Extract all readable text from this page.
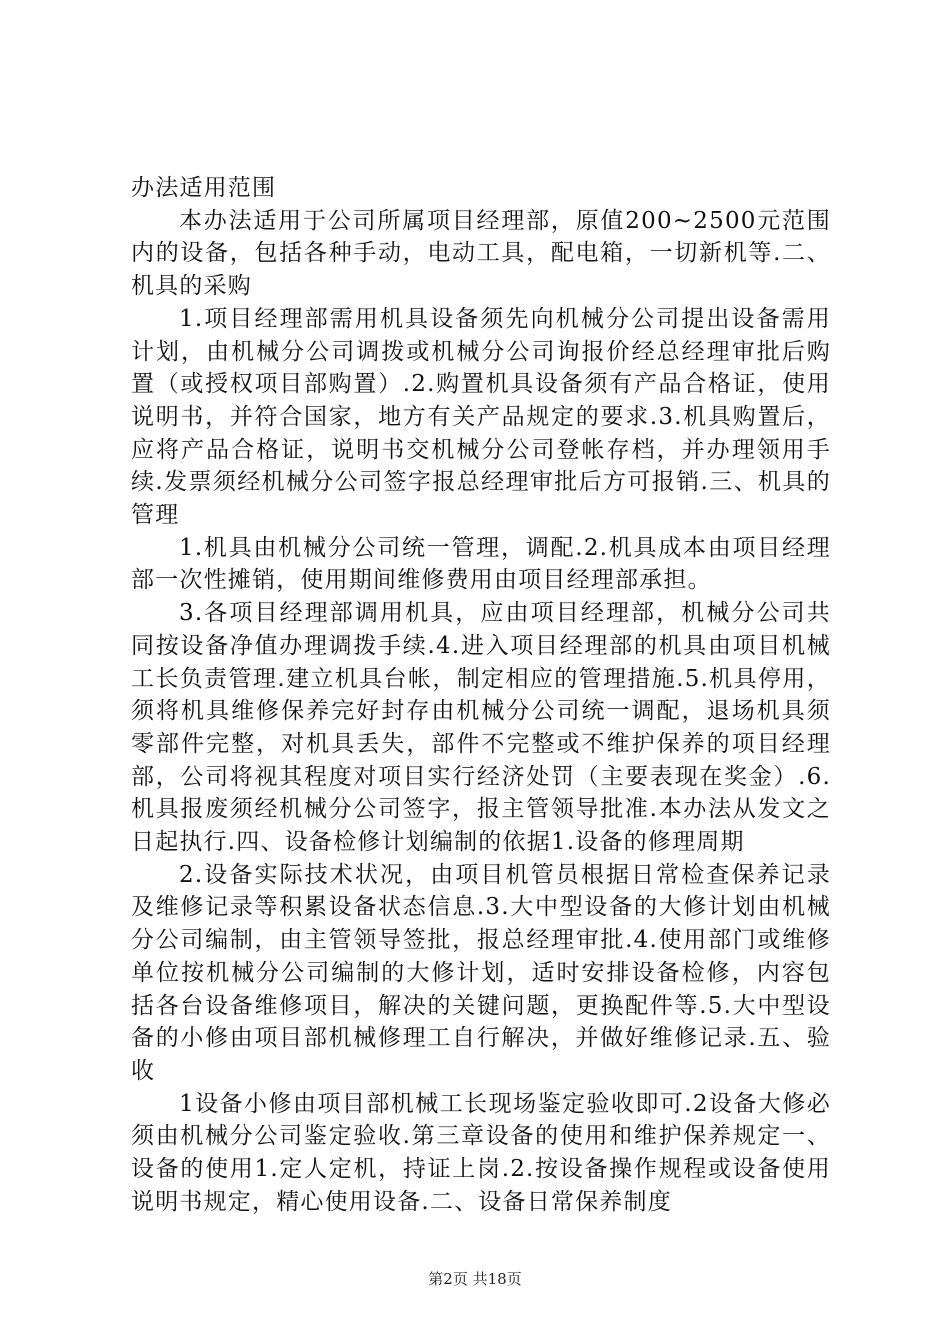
办法适用范围

本办法适用于公司所属项目经理部，原值200~2500元范围内的设备，包括各种手动，电动工具，配电箱，一切新机等.二、机具的采购

1.项目经理部需用机具设备须先向机械分公司提出设备需用计划，由机械分公司调拨或机械分公司询报价经总经理审批后购置（或授权项目部购置）.2.购置机具设备须有产品合格证，使用说明书，并符合国家，地方有关产品规定的要求.3.机具购置后，应将产品合格证，说明书交机械分公司登帐存档，并办理领用手续.发票须经机械分公司签字报总经理审批后方可报销.三、机具的管理

1.机具由机械分公司统一管理，调配.2.机具成本由项目经理部一次性摊销，使用期间维修费用由项目经理部承担。

3.各项目经理部调用机具，应由项目经理部，机械分公司共同按设备净值办理调拨手续.4.进入项目经理部的机具由项目机械工长负责管理.建立机具台帐，制定相应的管理措施.5.机具停用，须将机具维修保养完好封存由机械分公司统一调配，退场机具须零部件完整，对机具丢失，部件不完整或不维护保养的项目经理部，公司将视其程度对项目实行经济处罚（主要表现在奖金）.6.机具报废须经机械分公司签字，报主管领导批准.本办法从发文之日起执行.四、设备检修计划编制的依据1.设备的修理周期

2.设备实际技术状况，由项目机管员根据日常检查保养记录及维修记录等积累设备状态信息.3.大中型设备的大修计划由机械分公司编制，由主管领导签批，报总经理审批.4.使用部门或维修单位按机械分公司编制的大修计划，适时安排设备检修，内容包括各台设备维修项目，解决的关键问题，更换配件等.5.大中型设备的小修由项目部机械修理工自行解决，并做好维修记录.五、验收

1设备小修由项目部机械工长现场鉴定验收即可.2设备大修必须由机械分公司鉴定验收.第三章设备的使用和维护保养规定一、设备的使用1.定人定机，持证上岗.2.按设备操作规程或设备使用说明书规定，精心使用设备.二、设备日常保养制度

第2页 共18页
